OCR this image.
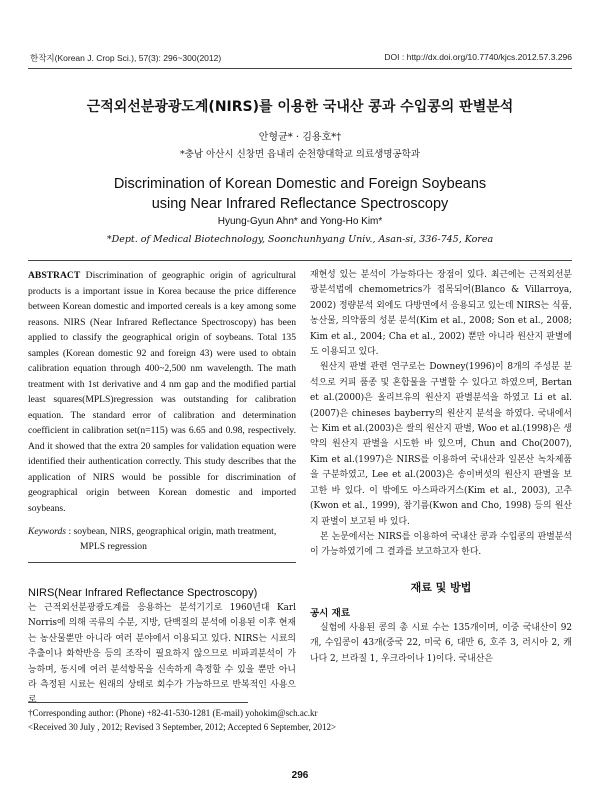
한작지(Korean J. Crop Sci.), 57(3): 296~300(2012)	DOI : http://dx.doi.org/10.7740/kjcs.2012.57.3.296
근적외선분광광도계(NIRS)를 이용한 국내산 콩과 수입콩의 판별분석
안형균* · 김용호*†
*충남 아산시 신창면 읍내리 순천향대학교 의료생명공학과
Discrimination of Korean Domestic and Foreign Soybeans
using Near Infrared Reflectance Spectroscopy
Hyung-Gyun Ahn* and Yong-Ho Kim*
*Dept. of Medical Biotechnology, Soonchunhyang Univ., Asan-si, 336-745, Korea
ABSTRACT Discrimination of geographic origin of agricultural products is a important issue in Korea because the price difference between Korean domestic and imported cereals is a key among some reasons. NIRS (Near Infrared Reflectance Spectroscopy) has been applied to classify the geographical origin of soybeans. Total 135 samples (Korean domestic 92 and foreign 43) were used to obtain calibration equation through 400~2,500 nm wavelength. The math treatment with 1st derivative and 4 nm gap and the modified partial least squares(MPLS)regression was outstanding for calibration equation. The standard error of calibration and determination coefficient in calibration set(n=115) was 6.65 and 0.98, respectively. And it showed that the extra 20 samples for validation equation were identified their authentication correctly. This study describes that the application of NIRS would be possible for discrimination of geographical origin between Korean domestic and imported soybeans.
Keywords : soybean, NIRS, geographical origin, math treatment,
MPLS regression
NIRS(Near Infrared Reflectance Spectroscopy)

는 근적외선분광광도계를 응용하는 분석기기로 1960년대 Karl Norris에 의해 곡류의 수분, 지방, 단백질의 분석에 이용된 이후 현재는 농산물뿐만 아니라 여러 분야에서 이용되고 있다. NIRS는 시료의 추출이나 화학반응 등의 조작이 필요하지 않으므로 비파괴분석이 가능하며, 동시에 여러 분석항목을 신속하게 측정할 수 있을 뿐만 아니라 측정된 시료는 원래의 상태로 회수가 가능하므로 반복적인 사용으로

재현성 있는 분석이 가능하다는 장점이 있다. 최근에는 근적외선분광분석법에 chemometrics가 접목되어(Blanco & Villarroya, 2002) 정량분석 외에도 다방면에서 응용되고 있는데 NIRS는 식품, 농산물, 의약품의 성분 분석(Kim et al., 2008; Son et al., 2008; Kim et al., 2004; Cha et al., 2002) 뿐만 아니라 원산지 판별에도 이용되고 있다.

원산지 판별 관련 연구로는 Downey(1996)이 8개의 주성분 분석으로 커피 품종 및 혼합물을 구별할 수 있다고 하였으며, Bertan et al.(2000)은 올리브유의 원산지 판별분석을 하였고 Li et al.(2007)은 chineses bayberry의 원산지 분석을 하였다. 국내에서는 Kim et al.(2003)은 쌀의 원산지 판별, Woo et al.(1998)은 생약의 원산지 판별을 시도한 바 있으며, Chun and Cho(2007), Kim et al.(1997)은 NIRS를 이용하여 국내산과 일본산 녹차제품을 구분하였고, Lee et al.(2003)은 송이버섯의 원산지 판별을 보고한 바 있다. 이 밖에도 아스파라거스(Kim et al., 2003), 고추(Kwon et al., 1999), 참기름(Kwon and Cho, 1998) 등의 원산지 판별이 보고된 바 있다.

본 논문에서는 NIRS를 이용하여 국내산 콩과 수입콩의 판별분석이 가능하였기에 그 결과를 보고하고자 한다.

재료 및 방법
공시 재료

실험에 사용된 콩의 총 시료 수는 135개이며, 이중 국내산이 92개, 수입콩이 43개(중국 22, 미국 6, 대만 6, 호주 3, 러시아 2, 캐나다 2, 브라질 1, 우크라이나 1)이다. 국내산은

†Corresponding author: (Phone) +82-41-530-1281 (E-mail) yohokim@sch.ac.kr
<Received 30 July , 2012; Revised 3 September, 2012; Accepted 6 September, 2012>
296
